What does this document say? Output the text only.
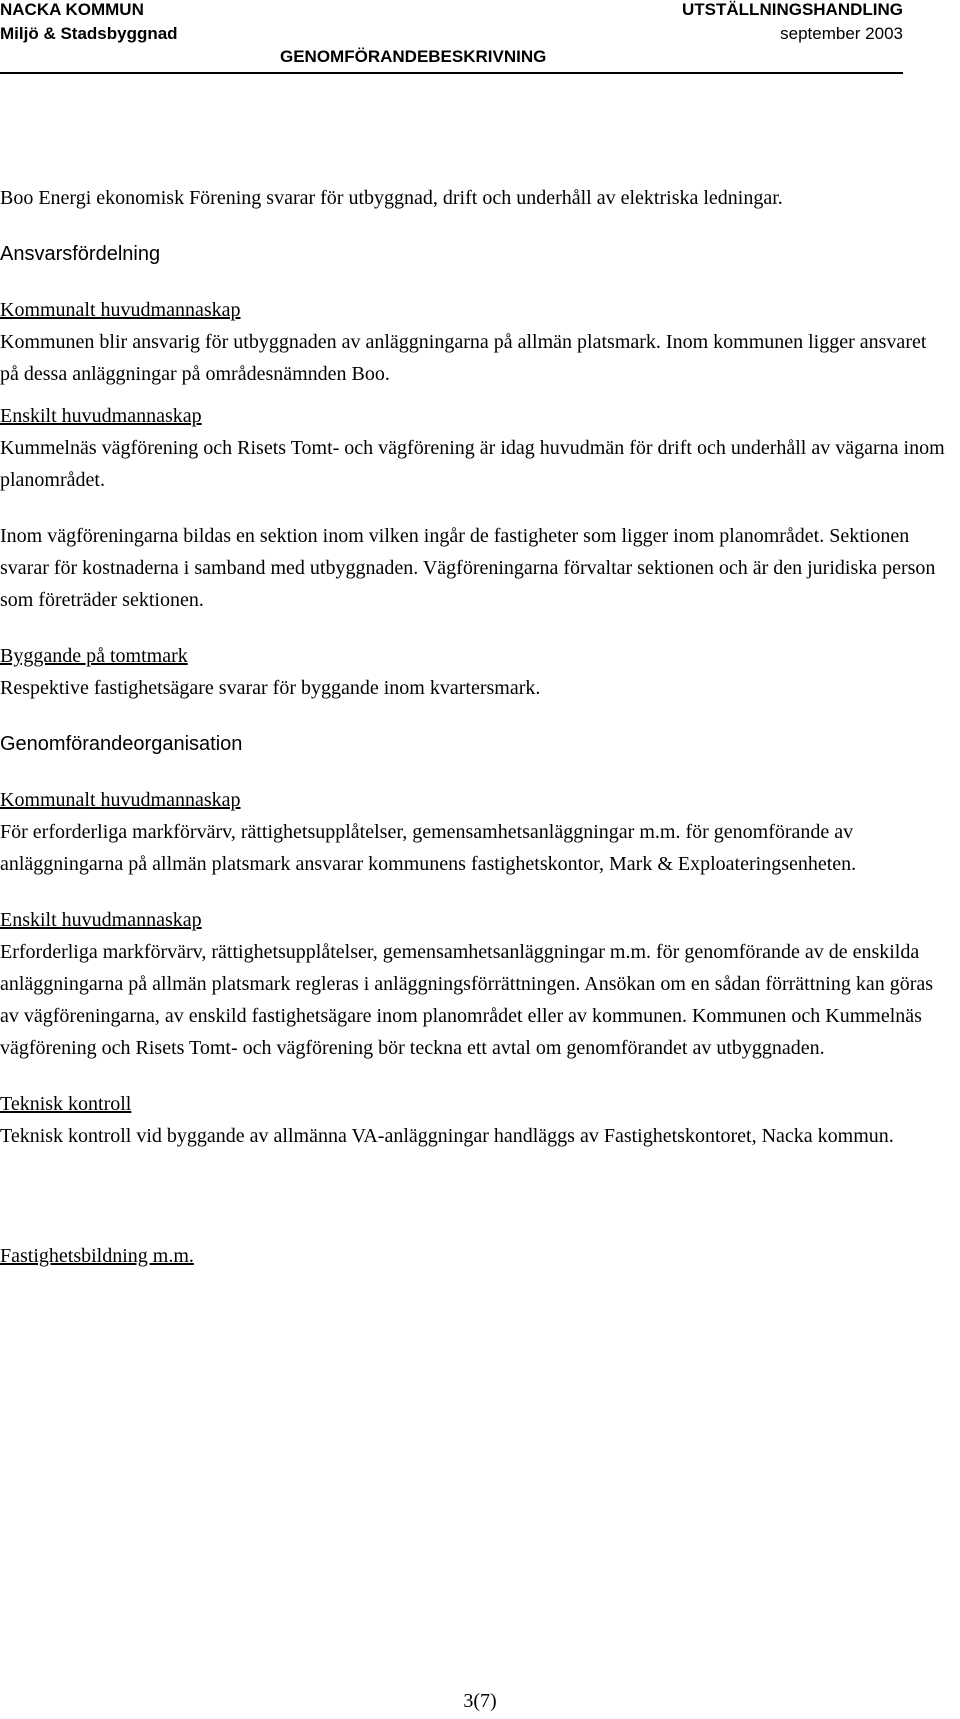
NACKA KOMMUN
Miljö & Stadsbyggnad
UTSTÄLLNINGSHANDLING
september 2003
GENOMFÖRANDEBESKRIVNING

Boo Energi ekonomisk Förening svarar för utbyggnad, drift och underhåll av elektriska ledningar.

Ansvarsfördelning

Kommunalt huvudmannaskap

Kommunen blir ansvarig för utbyggnaden av anläggningarna på allmän platsmark. Inom kommunen ligger ansvaret på dessa anläggningar på områdesnämnden Boo.

Enskilt huvudmannaskap

Kummelnäs vägförening och Risets Tomt- och vägförening är idag huvudmän för drift och underhåll av vägarna inom planområdet.

Inom vägföreningarna bildas en sektion inom vilken ingår de fastigheter som ligger inom planområdet. Sektionen svarar för kostnaderna i samband med utbyggnaden. Vägföreningarna förvaltar sektionen och är den juridiska person som företräder sektionen.

Byggande på tomtmark

Respektive fastighetsägare svarar för byggande inom kvartersmark.

Genomförandeorganisation

Kommunalt huvudmannaskap

För erforderliga markförvärv, rättighetsupplåtelser, gemensamhetsanläggningar m.m. för genomförande av anläggningarna på allmän platsmark ansvarar kommunens fastighetskontor, Mark & Exploateringsenheten.

Enskilt huvudmannaskap

Erforderliga markförvärv, rättighetsupplåtelser, gemensamhetsanläggningar m.m. för genomförande av de enskilda anläggningarna på allmän platsmark regleras i anläggningsförrättningen. Ansökan om en sådan förrättning kan göras av vägföreningarna, av enskild fastighetsägare inom planområdet eller av kommunen. Kommunen och Kummelnäs vägförening och Risets Tomt- och vägförening bör teckna ett avtal om genomförandet av utbyggnaden.

Teknisk kontroll

Teknisk kontroll vid byggande av allmänna VA-anläggningar handläggs av Fastighetskontoret, Nacka kommun.

Fastighetsbildning m.m.

3(7)
